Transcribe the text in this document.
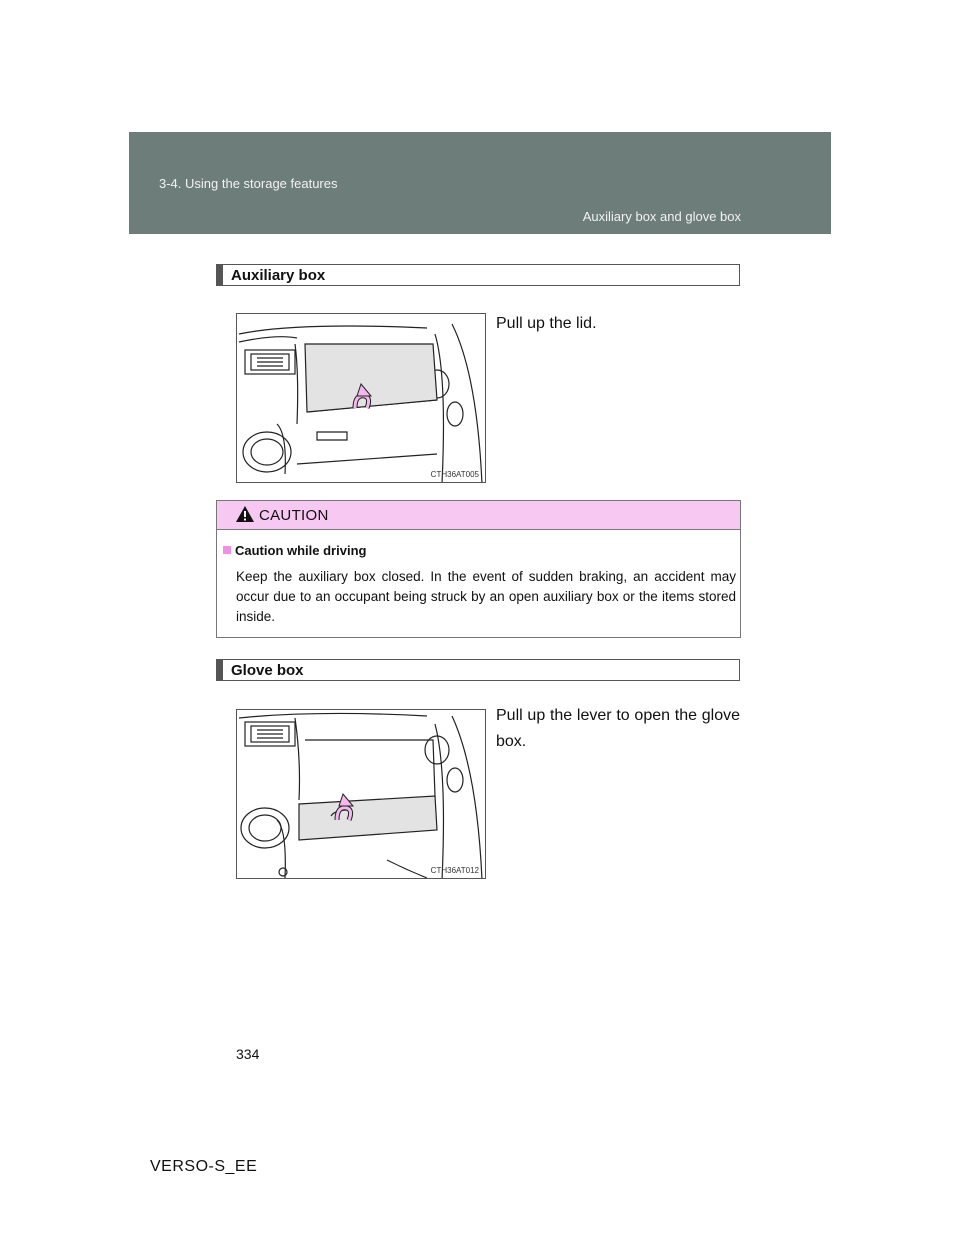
3-4. Using the storage features
Auxiliary box and glove box
Auxiliary box
CTH36AT005
Pull up the lid.
CAUTION
Caution while driving
Keep the auxiliary box closed. In the event of sudden braking, an accident may occur due to an occupant being struck by an open auxiliary box or the items stored inside.
Glove box
CTH36AT012
Pull up the lever to open the glove box.
334
VERSO-S_EE
